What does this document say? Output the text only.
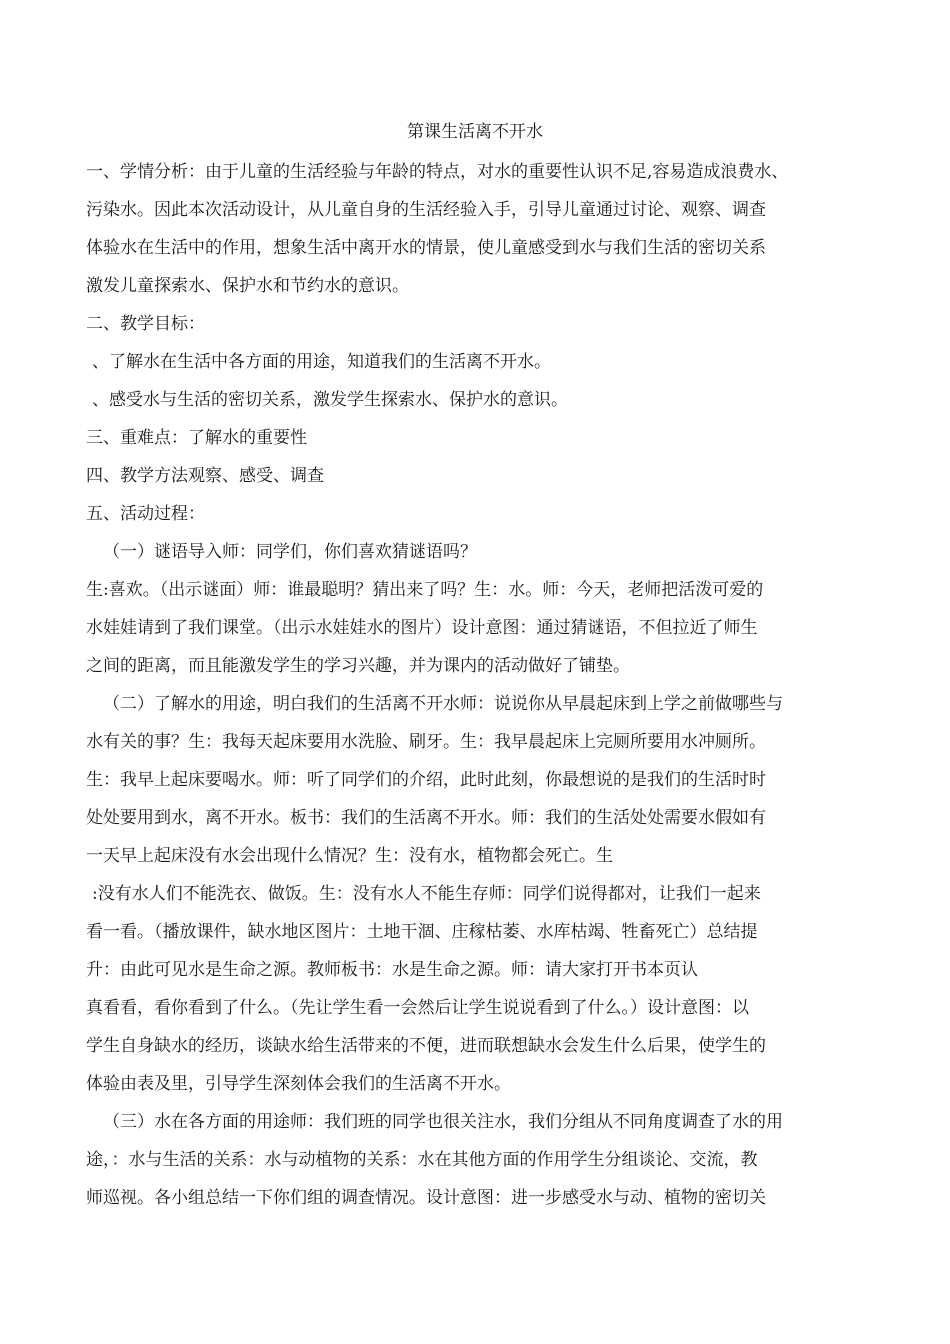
第课生活离不开水
一、学情分析：由于儿童的生活经验与年龄的特点，对水的重要性认识不足,容易造成浪费水、
污染水。因此本次活动设计，从儿童自身的生活经验入手，引导儿童通过讨论、观察、调查
体验水在生活中的作用，想象生活中离开水的情景，使儿童感受到水与我们生活的密切关系
激发儿童探索水、保护水和节约水的意识。
二、教学目标：
、了解水在生活中各方面的用途，知道我们的生活离不开水。
、感受水与生活的密切关系，激发学生探索水、保护水的意识。
三、重难点：了解水的重要性
四、教学方法观察、感受、调查
五、活动过程：
（一）谜语导入师：同学们，你们喜欢猜谜语吗？
生:喜欢。（出示谜面）师：谁最聪明？猜出来了吗？生：水。师：今天，老师把活泼可爱的
水娃娃请到了我们课堂。（出示水娃娃水的图片）设计意图：通过猜谜语，不但拉近了师生
之间的距离，而且能激发学生的学习兴趣，并为课内的活动做好了铺垫。
（二）了解水的用途，明白我们的生活离不开水师：说说你从早晨起床到上学之前做哪些与
水有关的事？生：我每天起床要用水洗脸、刷牙。生：我早晨起床上完厕所要用水冲厕所。
生：我早上起床要喝水。师：听了同学们的介绍，此时此刻，你最想说的是我们的生活时时
处处要用到水，离不开水。板书：我们的生活离不开水。师：我们的生活处处需要水假如有
一天早上起床没有水会出现什么情况？生：没有水，植物都会死亡。生
:没有水人们不能洗衣、做饭。生：没有水人不能生存师：同学们说得都对，让我们一起来
看一看。（播放课件，缺水地区图片：土地干涸、庄稼枯萎、水库枯竭、牲畜死亡）总结提
升：由此可见水是生命之源。教师板书：水是生命之源。师：请大家打开书本页认
真看看，看你看到了什么。（先让学生看一会然后让学生说说看到了什么。）设计意图：以
学生自身缺水的经历，谈缺水给生活带来的不便，进而联想缺水会发生什么后果，使学生的
体验由表及里，引导学生深刻体会我们的生活离不开水。
（三）水在各方面的用途师：我们班的同学也很关注水，我们分组从不同角度调查了水的用
途，：水与生活的关系：水与动植物的关系：水在其他方面的作用学生分组谈论、交流，教
师巡视。各小组总结一下你们组的调查情况。设计意图：进一步感受水与动、植物的密切关
